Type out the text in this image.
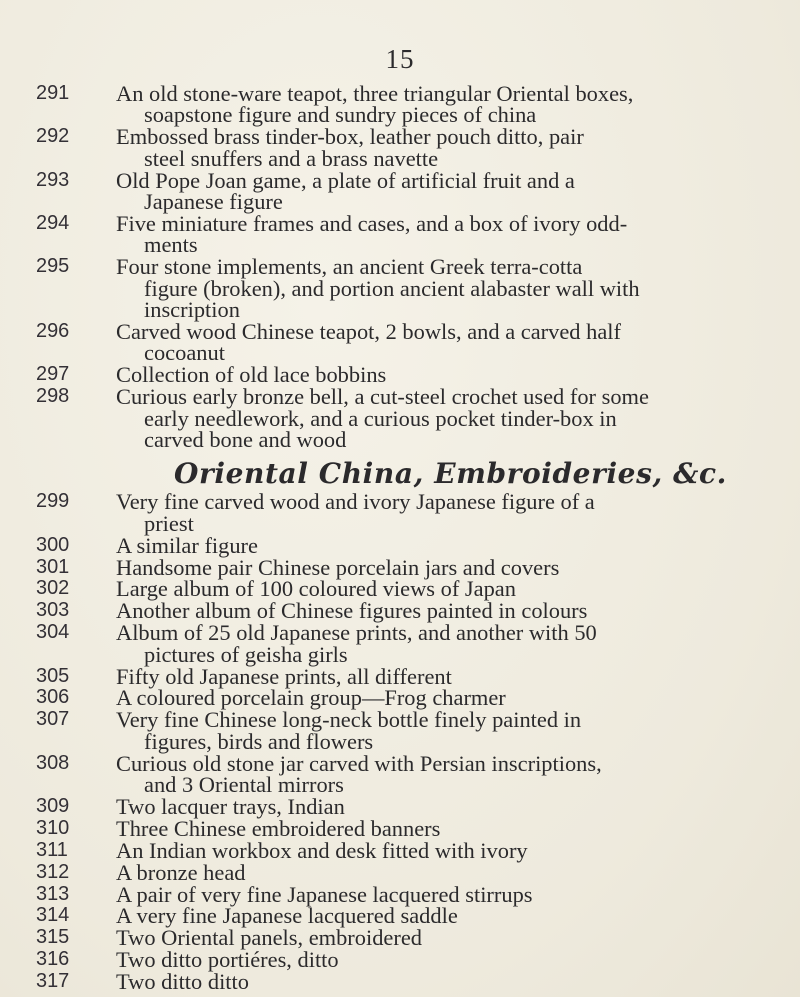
15
Oriental China, Embroideries, &c.
291	An old stone-ware teapot, three triangular Oriental boxes,
soapstone figure and sundry pieces of china
292	Embossed brass tinder-box, leather pouch ditto, pair
steel snuffers and a brass navette
293	Old Pope Joan game, a plate of artificial fruit and a
Japanese figure
294	Five miniature frames and cases, and a box of ivory odd-
ments
295	Four stone implements, an ancient Greek terra-cotta
figure (broken), and portion ancient alabaster wall with
inscription
296	Carved wood Chinese teapot, 2 bowls, and a carved half
cocoanut
297	Collection of old lace bobbins
298	Curious early bronze bell, a cut-steel crochet used for some
early needlework, and a curious pocket tinder-box in
carved bone and wood
299	Very fine carved wood and ivory Japanese figure of a
priest
300	A similar figure
301	Handsome pair Chinese porcelain jars and covers
302	Large album of 100 coloured views of Japan
303	Another album of Chinese figures painted in colours
304	Album of 25 old Japanese prints, and another with 50
pictures of geisha girls
305	Fifty old Japanese prints, all different
306	A coloured porcelain group—Frog charmer
307	Very fine Chinese long-neck bottle finely painted in
figures, birds and flowers
308	Curious old stone jar carved with Persian inscriptions,
and 3 Oriental mirrors
309	Two lacquer trays, Indian
310	Three Chinese embroidered banners
311	An Indian workbox and desk fitted with ivory
312	A bronze head
313	A pair of very fine Japanese lacquered stirrups
314	A very fine Japanese lacquered saddle
315	Two Oriental panels, embroidered
316	Two ditto portiéres, ditto
317	Two ditto ditto
